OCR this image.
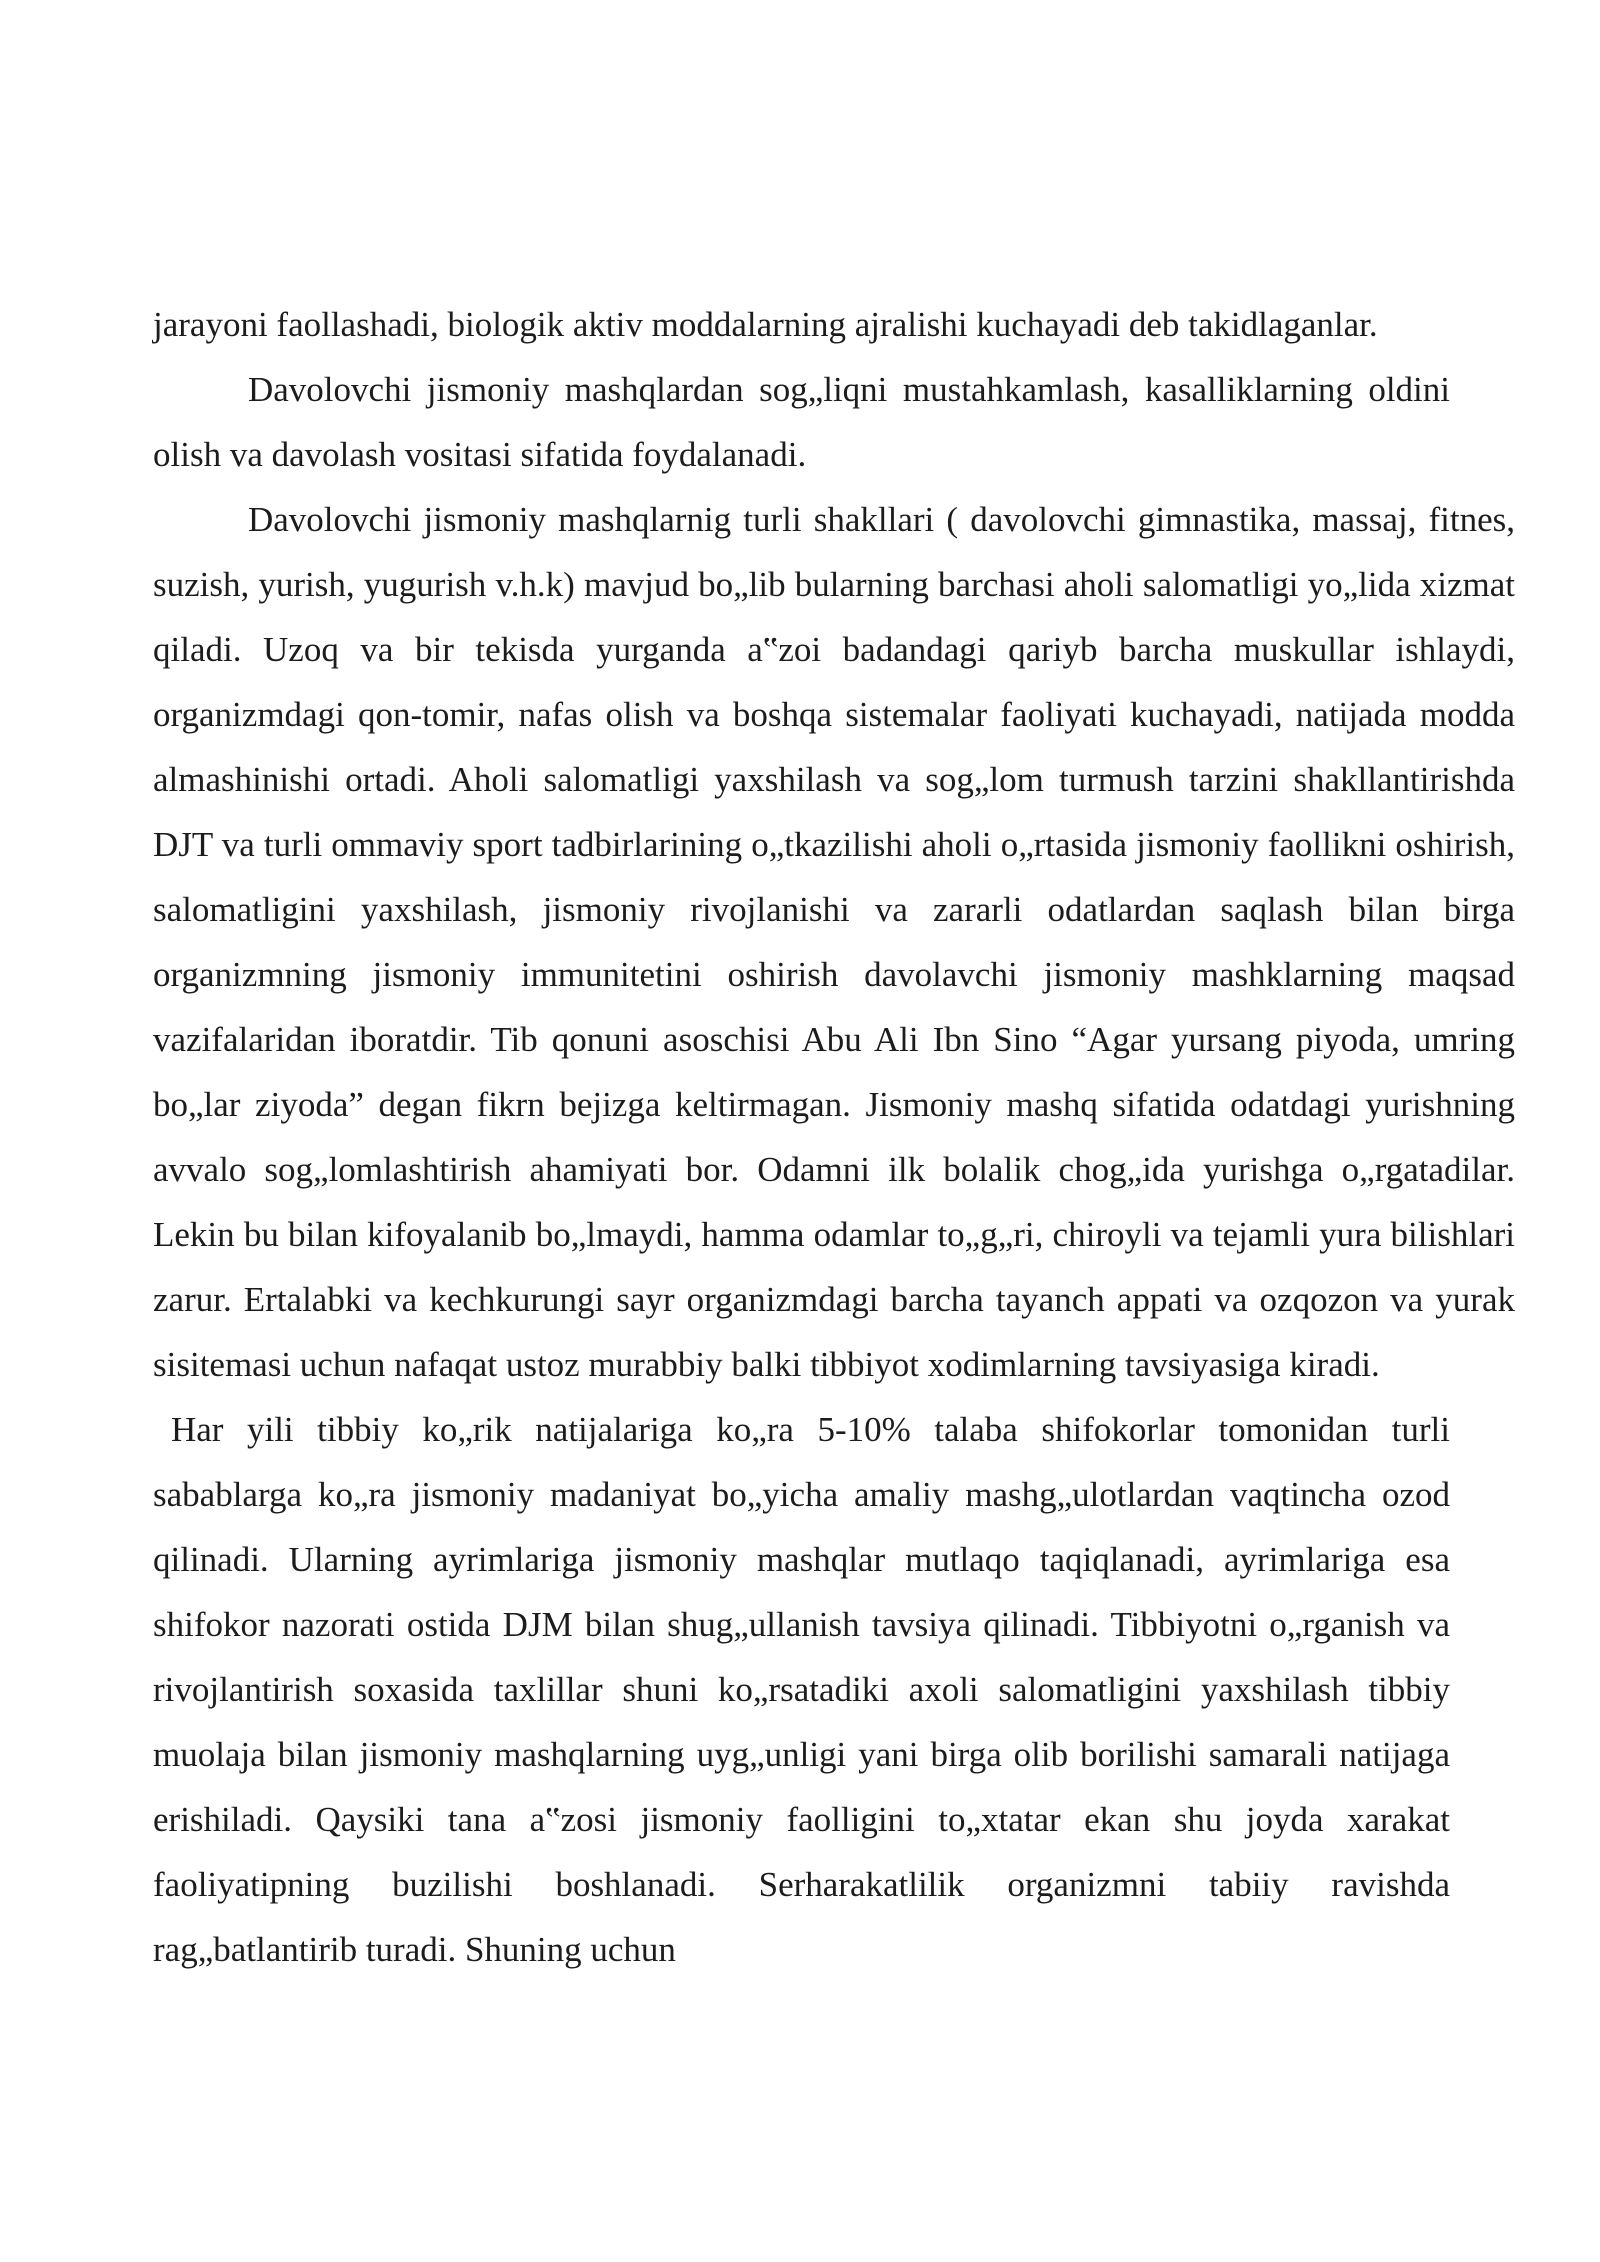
jarayoni faollashadi, biologik aktiv moddalarning ajralishi kuchayadi deb takidlaganlar.

Davolovchi jismoniy mashqlardan sog„liqni mustahkamlash, kasalliklarning oldini olish va davolash vositasi sifatida foydalanadi.

Davolovchi jismoniy mashqlarnig turli shakllari ( davolovchi gimnastika, massaj, fitnes, suzish, yurish, yugurish v.h.k) mavjud bo„lib bularning barchasi aholi salomatligi yo„lida xizmat qiladi. Uzoq va bir tekisda yurganda a‟zoi badandagi qariyb barcha muskullar ishlaydi, organizmdagi qon-tomir, nafas olish va boshqa sistemalar faoliyati kuchayadi, natijada modda almashinishi ortadi. Aholi salomatligi yaxshilash va sog„lom turmush tarzini shakllantirishda DJT va turli ommaviy sport tadbirlarining o„tkazilishi aholi o„rtasida jismoniy faollikni oshirish, salomatligini yaxshilash, jismoniy rivojlanishi va zararli odatlardan saqlash bilan birga organizmning jismoniy immunitetini oshirish davolavchi jismoniy mashklarning maqsad vazifalaridan iboratdir. Tib qonuni asoschisi Abu Ali Ibn Sino “Agar yursang piyoda, umring bo„lar ziyoda” degan fikrn bejizga keltirmagan. Jismoniy mashq sifatida odatdagi yurishning avvalo sog„lomlashtirish ahamiyati bor. Odamni ilk bolalik chog„ida yurishga o„rgatadilar. Lekin bu bilan kifoyalanib bo„lmaydi, hamma odamlar to„g„ri, chiroyli va tejamli yura bilishlari zarur. Ertalabki va kechkurungi sayr organizmdagi barcha tayanch appati va ozqozon va yurak sisitemasi uchun nafaqat ustoz murabbiy balki tibbiyot xodimlarning tavsiyasiga kiradi.

Har yili tibbiy ko„rik natijalariga ko„ra 5-10% talaba shifokorlar tomonidan turli sabablarga ko„ra jismoniy madaniyat bo„yicha amaliy mashg„ulotlardan vaqtincha ozod qilinadi. Ularning ayrimlariga jismoniy mashqlar mutlaqo taqiqlanadi, ayrimlariga esa shifokor nazorati ostida DJM bilan shug„ullanish tavsiya qilinadi. Tibbiyotni o„rganish va rivojlantirish soxasida taxlillar shuni ko„rsatadiki axoli salomatligini yaxshilash tibbiy muolaja bilan jismoniy mashqlarning uyg„unligi yani birga olib borilishi samarali natijaga erishiladi. Qaysiki tana a‟zosi jismoniy faolligini to„xtatar ekan shu joyda xarakat faoliyatipning buzilishi boshlanadi. Serharakatlilik organizmni tabiiy ravishda rag„batlantirib turadi. Shuning uchun
